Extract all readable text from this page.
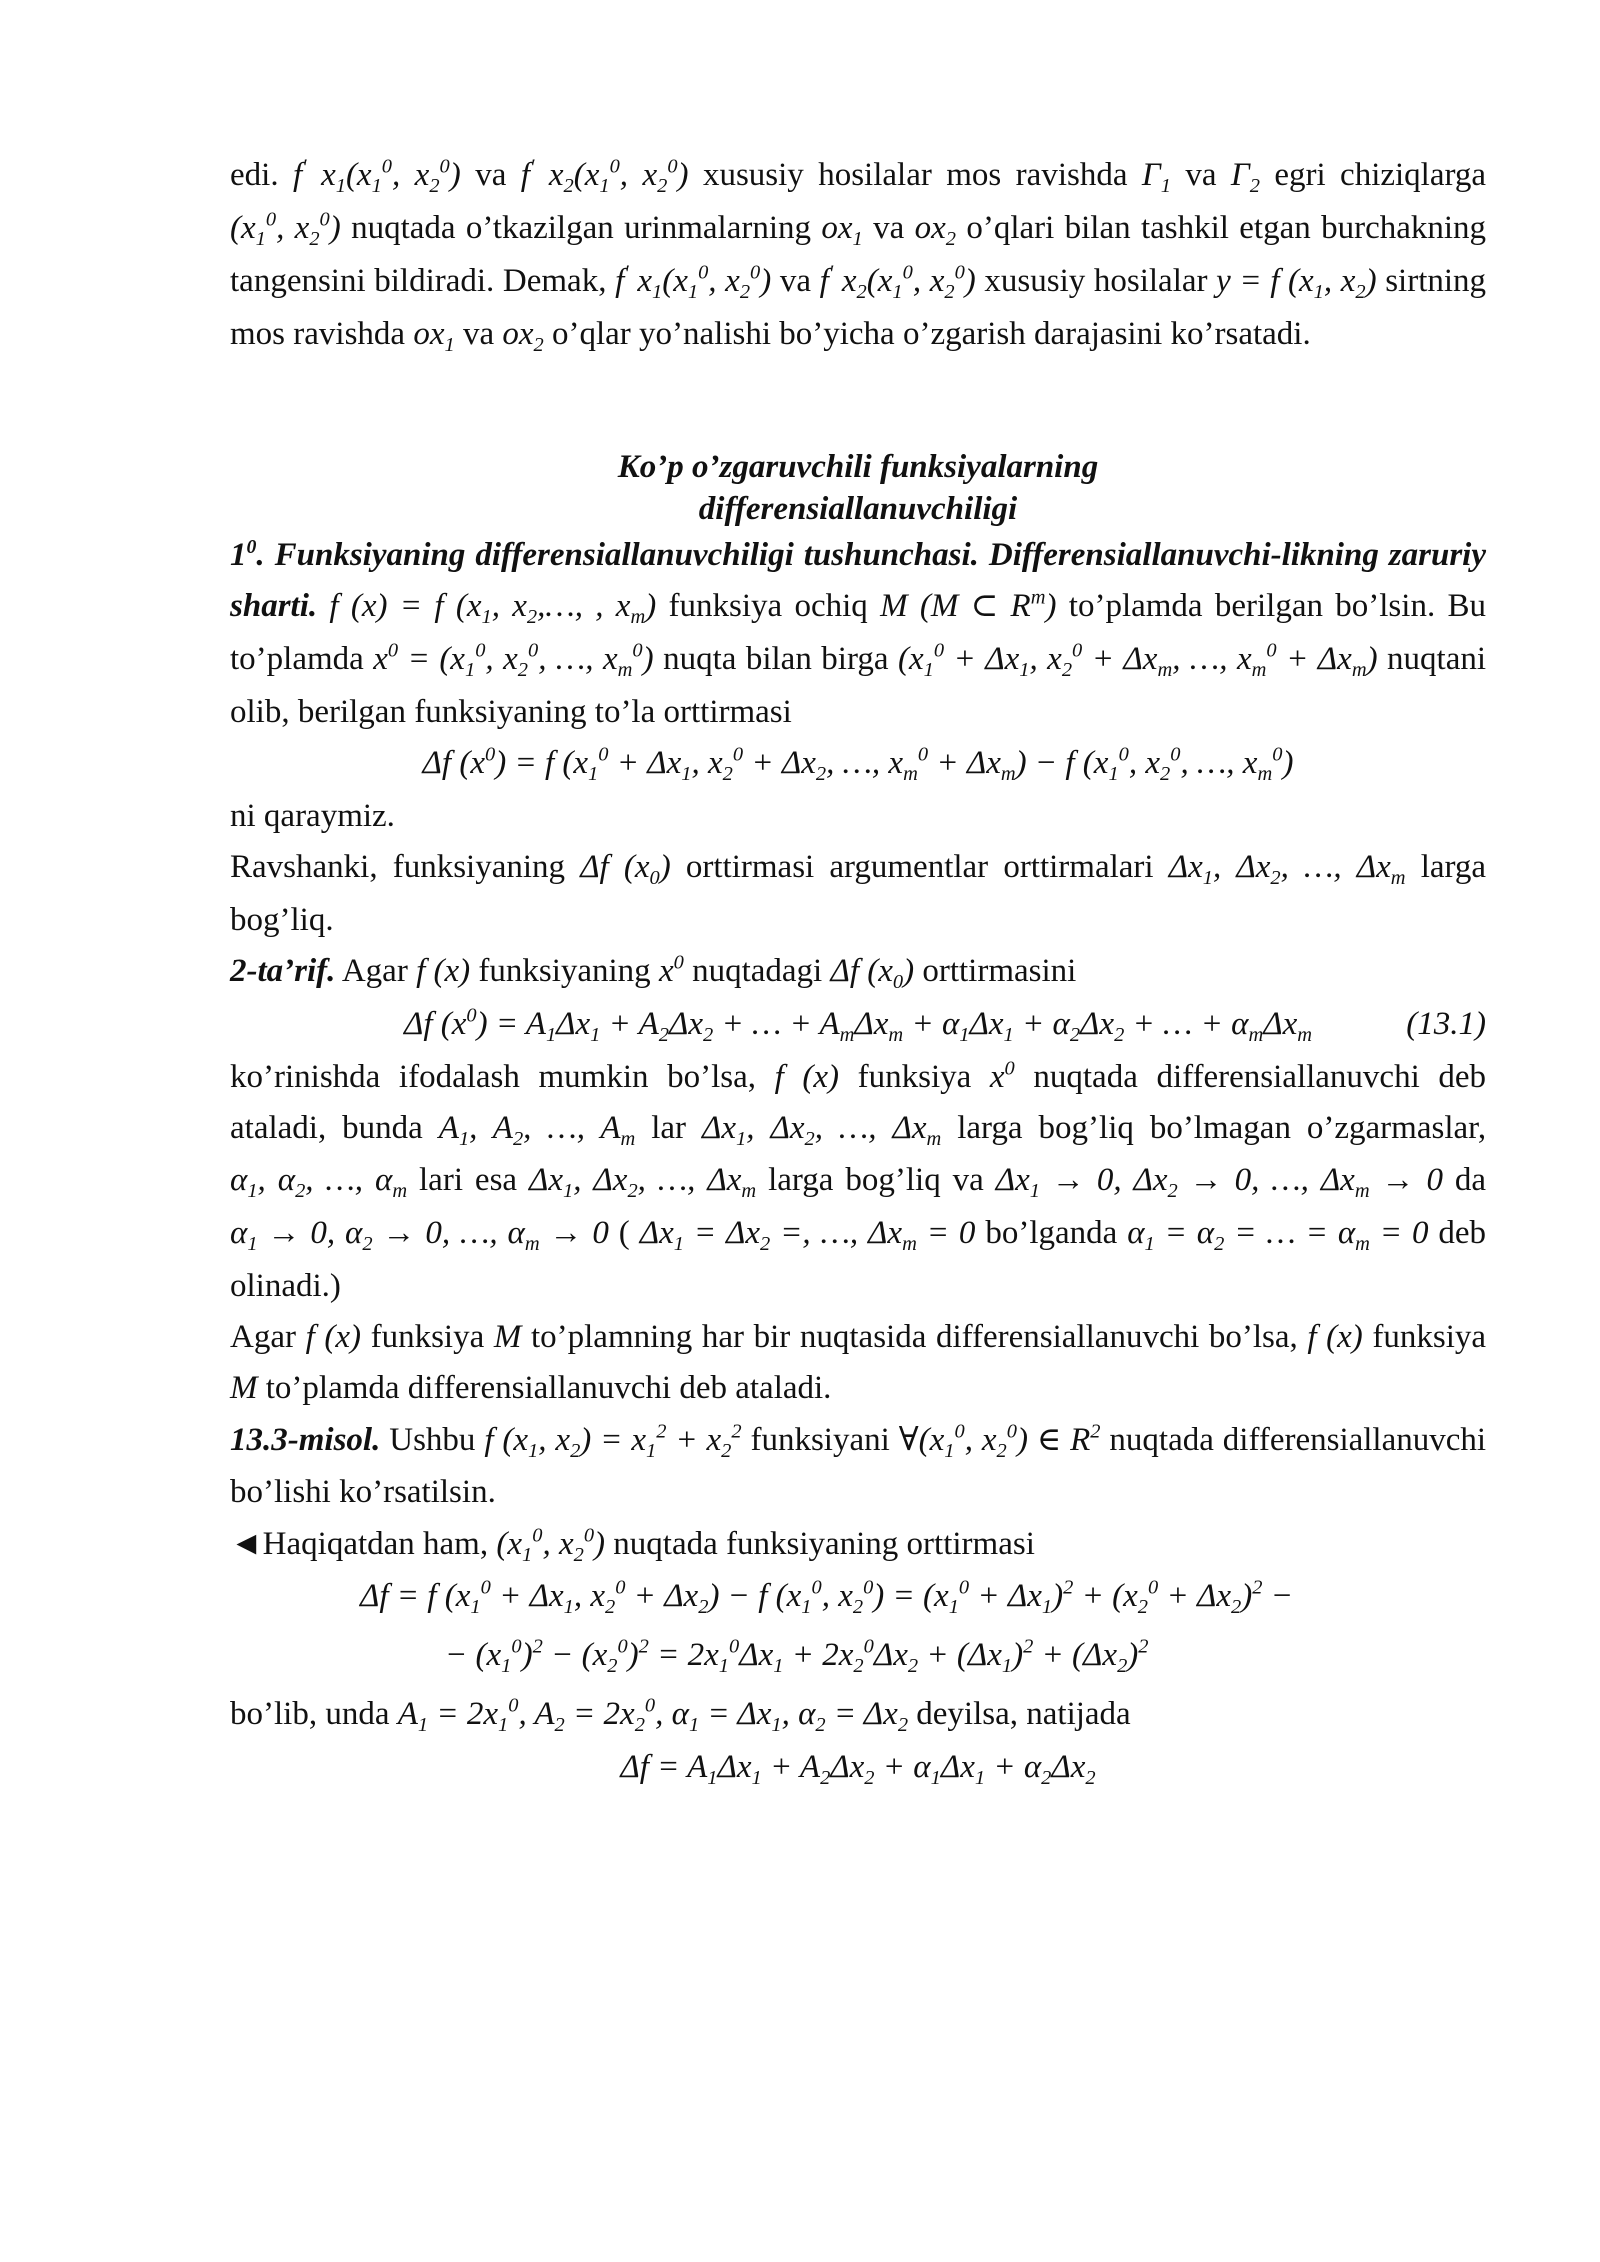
edi. f′ $x_1(x_1^0$, $x_2^0$) va f′ $x_2(x_1^0$, $x_2^0$) xususiy hosilalar mos ravishda $\Gamma_1$ va $\Gamma_2$ egri chiziqlarga ($x_1^0$, $x_2^0$) nuqtada o’tkazilgan urinmalarning $ox_1$ va $ox_2$ o’qlari bilan tashkil etgan burchakning tangensini bildiradi. Demak, f′ $x_1(x_1^0$, $x_2^0$) va f′ $x_2(x_1^0$, $x_2^0$) xususiy hosilalar y = f ($x_1$, $x_2$) sirtning mos ravishda $ox_1$ va $ox_2$ o’qlar yo’nalishi bo’yicha o’zgarish darajasini ko’rsatadi.

Ko’p o’zgaruvchili funksiyalarning
differensiallanuvchiligi

$1^0$. Funksiyaning differensiallanuvchiligi tushunchasi. Differensiallanuvchi-likning zaruriy sharti. f (x) = f ($x_1$, $x_2,\dots$, , $x_m$) funksiya ochiq M (M ⊂ $R^m$) to’plamda berilgan bo’lsin. Bu to’plamda $x^0 = (x_1^0$, $x_2^0$, …, $x_m^0$) nuqta bilan birga ($x_1^0 + \Delta x_1$, $x_2^0 + \Delta x_m$, …, $x_m^0 + \Delta x_m$) nuqtani olib, berilgan funksiyaning to’la orttirmasi

Δf $(x^0) = f$ ($x_1^0 + \Delta x_1$, $x_2^0 + \Delta x_2$, …, $x_m^0 + \Delta x_m) - f$ ($x_1^0$, $x_2^0$, …, $x_m^0$)

ni qaraymiz.

Ravshanki, funksiyaning Δf $(x_0)$ orttirmasi argumentlar orttirmalari $\Delta x_1$, $\Delta x_2$, …, $\Delta x_m$ larga bog’liq.

2-ta’rif. Agar f (x) funksiyaning $x^0$ nuqtadagi Δf $(x_0)$ orttirmasini

Δf $(x^0) = A_1\Delta x_1 + A_2\Delta x_2$ + … + $A_m\Delta x_m + \alpha_1\Delta x_1 + \alpha_2\Delta x_2$ + … + $\alpha_m\Delta x_m$	(13.1)

ko’rinishda ifodalash mumkin bo’lsa, f (x) funksiya $x^0$ nuqtada differensiallanuvchi deb ataladi, bunda $A_1$, $A_2$, …, $A_m$ lar $\Delta x_1$, $\Delta x_2$, …, $\Delta x_m$ larga bog’liq bo’lmagan o’zgarmaslar, $\alpha_1$, $\alpha_2$, …, $\alpha_m$ lari esa $\Delta x_1$, $\Delta x_2$, …, $\Delta x_m$ larga bog’liq va $\Delta x_1 \to 0$, $\Delta x_2 \to 0$, …, $\Delta x_m \to 0$ da $\alpha_1 \to 0$, $\alpha_2 \to 0$, …, $\alpha_m \to 0$ ( $\Delta x_1 = \Delta x_2$ =, …, $\Delta x_m = 0$ bo’lganda $\alpha_1 = \alpha_2$ = … = $\alpha_m = 0$ deb olinadi.)

Agar f (x) funksiya M to’plamning har bir nuqtasida differensiallanuvchi bo’lsa, f (x) funksiya M to’plamda differensiallanuvchi deb ataladi.

13.3-misol. Ushbu f ($x_1$, $x_2) = x_1^2 + x_2^2$ funksiyani $\forall(x_1^0$, $x_2^0$) ∈ $R^2$ nuqtada differensiallanuvchi bo’lishi ko’rsatilsin.

◄Haqiqatdan ham, ($x_1^0$, $x_2^0$) nuqtada funksiyaning orttirmasi

Δf = f ($x_1^0 + \Delta x_1$, $x_2^0 + \Delta x_2) - f$ ($x_1^0$, $x_2^0) = (x_1^0 + \Delta x_1)^2 + (x_2^0 + \Delta x_2)^2$ −
− $(x_1^0)^2 - (x_2^0)^2 = 2x_1^0\Delta x_1 + 2x_2^0\Delta x_2 + (\Delta x_1)^2 + (\Delta x_2)^2$

bo’lib, unda $A_1 = 2x_1^0$, $A_2 = 2x_2^0$, $\alpha_1 = \Delta x_1$, $\alpha_2 = \Delta x_2$ deyilsa, natijada

$\Delta f = A_1\Delta x_1 + A_2\Delta x_2 + \alpha_1\Delta x_1 + \alpha_2\Delta x_2$
